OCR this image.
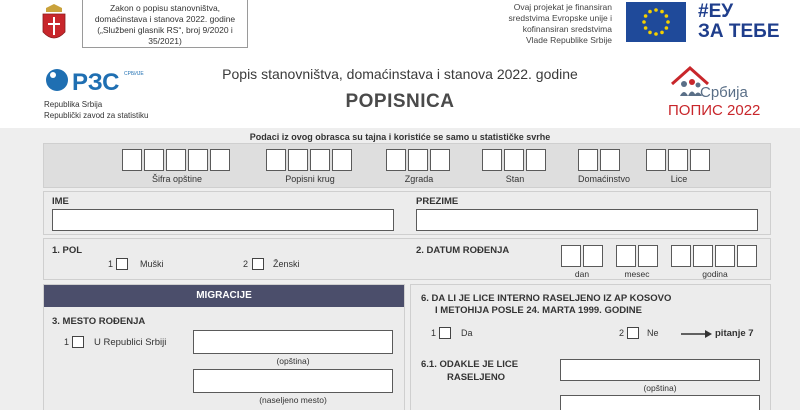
Zakon o popisu stanovništva,
domaćinstava i stanova 2022. godine
(„Službeni glasnik RS“, broj 9/2020 i
35/2021)
Ovaj projekat je finansiran
sredstvima Evropske unije i
kofinansiran sredstvima
Vlade Republike Srbije
#ЕУ
ЗА ТЕБЕ
РЗС СРБИЈЕ
Republika Srbija
Republički zavod za statistiku
Popis stanovništva, domaćinstava i stanova 2022. godine
POPISNICA	Србија
ПОПИС 2022
Podaci iz ovog obrasca su tajna i koristiće se samo u statističke svrhe
Šifra opštine	Popisni krug	Zgrada	Stan	Domaćinstvo	Lice
IME	PREZIME
1. POL
1	Muški	2	Ženski
2. DATUM ROĐENJA
dan	mesec	godina
MIGRACIJE
3. MESTO ROĐENJA
1	U Republici Srbiji
(opština)
(naseljeno mesto)
6. DA LI JE LICE INTERNO RASELJENO IZ AP KOSOVO
I METOHIJA POSLE 24. MARTA 1999. GODINE
1	Da	2	Ne	pitanje 7
6.1. ODAKLE JE LICE
RASELJENO
(opština)
